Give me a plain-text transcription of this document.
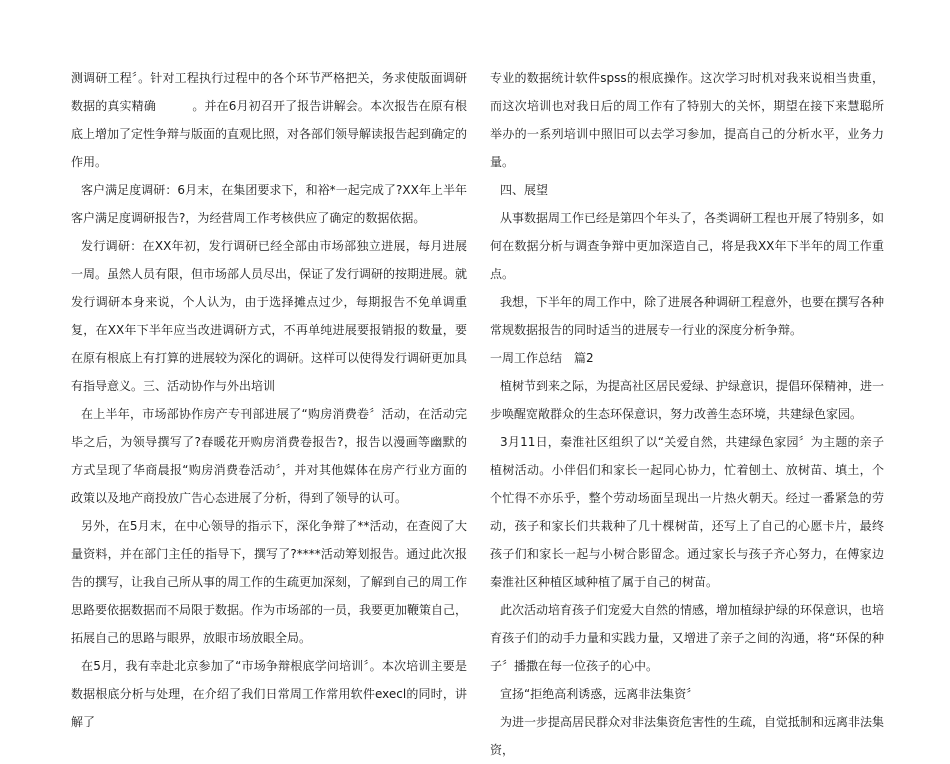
测调研工程〞。针对工程执行过程中的各个环节严格把关，务求使版面调研数据的真实精确　　　。并在6月初召开了报告讲解会。本次报告在原有根底上增加了定性争辩与版面的直观比照，对各部们领导解读报告起到确定的作用。

客户满足度调研：6月末，在集团要求下，和裕*一起完成了?XX年上半年客户满足度调研报告?，为经营周工作考核供应了确定的数据依据。

发行调研：在XX年初，发行调研已经全部由市场部独立进展，每月进展一周。虽然人员有限，但市场部人员尽出，保证了发行调研的按期进展。就发行调研本身来说，个人认为，由于选择摊点过少，每期报告不免单调重复，在XX年下半年应当改进调研方式，不再单纯进展要报销报的数量，要在原有根底上有打算的进展较为深化的调研。这样可以使得发行调研更加具有指导意义。三、活动协作与外出培训

在上半年，市场部协作房产专刊部进展了“购房消费卷〞活动，在活动完毕之后，为领导撰写了?春暖花开购房消费卷报告?，报告以漫画等幽默的方式呈现了华商晨报“购房消费卷活动〞，并对其他媒体在房产行业方面的政策以及地产商投放广告心态进展了分析，得到了领导的认可。

另外，在5月末，在中心领导的指示下，深化争辩了**活动，在查阅了大量资料，并在部门主任的指导下，撰写了?****活动筹划报告。通过此次报告的撰写，让我自己所从事的周工作的生疏更加深刻，了解到自己的周工作思路要依据数据而不局限于数据。作为市场部的一员，我要更加鞭策自己，拓展自己的思路与眼界，放眼市场放眼全局。

在5月，我有幸赴北京参加了“市场争辩根底学问培训〞。本次培训主要是数据根底分析与处理，在介绍了我们日常周工作常用软件execl的同时，讲解了

专业的数据统计软件spss的根底操作。这次学习时机对我来说相当贵重，而这次培训也对我日后的周工作有了特别大的关怀，期望在接下来慧聪所举办的一系列培训中照旧可以去学习参加，提高自己的分析水平，业务力量。

四、展望

从事数据周工作已经是第四个年头了，各类调研工程也开展了特别多，如何在数据分析与调查争辩中更加深造自己，将是我XX年下半年的周工作重点。

我想，下半年的周工作中，除了进展各种调研工程意外，也要在撰写各种常规数据报告的同时适当的进展专一行业的深度分析争辩。

一周工作总结　篇2

植树节到来之际，为提高社区居民爱绿、护绿意识，提倡环保精神，进一步唤醒宽敞群众的生态环保意识，努力改善生态环境，共建绿色家园。

3月11日，秦淮社区组织了以“关爱自然，共建绿色家园〞为主题的亲子植树活动。小伴侣们和家长一起同心协力，忙着刨土、放树苗、填土，个个忙得不亦乐乎，整个劳动场面呈现出一片热火朝天。经过一番紧急的劳动，孩子和家长们共栽种了几十棵树苗，还写上了自己的心愿卡片，最终孩子们和家长一起与小树合影留念。通过家长与孩子齐心努力，在傅家边秦淮社区种植区域种植了属于自己的树苗。

此次活动培育孩子们宠爱大自然的情感，增加植绿护绿的环保意识，也培育孩子们的动手力量和实践力量，又增进了亲子之间的沟通，将“环保的种子〞播撒在每一位孩子的心中。

宣扬“拒绝高利诱惑，远离非法集资〞

为进一步提高居民群众对非法集资危害性的生疏，自觉抵制和远离非法集资，
